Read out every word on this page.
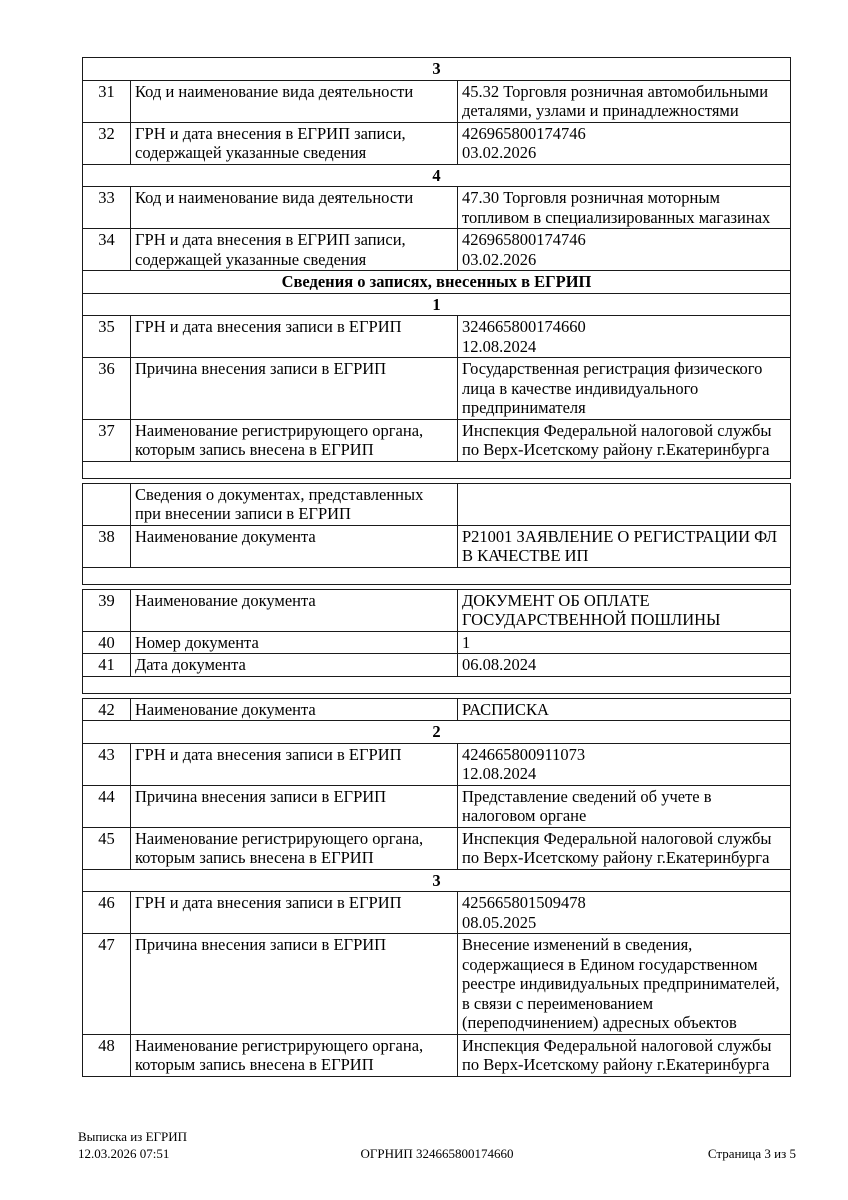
3		
31	Код и наименование вида деятельности	45.32 Торговля розничная автомобильными деталями, узлами и принадлежностями
32	ГРН и дата внесения в ЕГРИП записи, содержащей указанные сведения	426965800174746
03.02.2026
4		
33	Код и наименование вида деятельности	47.30 Торговля розничная моторным топливом в специализированных магазинах
34	ГРН и дата внесения в ЕГРИП записи, содержащей указанные сведения	426965800174746
03.02.2026
Сведения о записях, внесенных в ЕГРИП		
1		
35	ГРН и дата внесения записи в ЕГРИП	324665800174660
12.08.2024
36	Причина внесения записи в ЕГРИП	Государственная регистрация физического лица в качестве индивидуального предпринимателя
37	Наименование регистрирующего органа, которым запись внесена в ЕГРИП	Инспекция Федеральной налоговой службы по Верх-Исетскому району г.Екатеринбурга

	Сведения о документах, представленных при внесении записи в ЕГРИП	
38	Наименование документа	Р21001 ЗАЯВЛЕНИЕ О РЕГИСТРАЦИИ ФЛ В КАЧЕСТВЕ ИП

39	Наименование документа	ДОКУМЕНТ ОБ ОПЛАТЕ ГОСУДАРСТВЕННОЙ ПОШЛИНЫ
40	Номер документа	1
41	Дата документа	06.08.2024

42	Наименование документа	РАСПИСКА
2		
43	ГРН и дата внесения записи в ЕГРИП	424665800911073
12.08.2024
44	Причина внесения записи в ЕГРИП	Представление сведений об учете в налоговом органе
45	Наименование регистрирующего органа, которым запись внесена в ЕГРИП	Инспекция Федеральной налоговой службы по Верх-Исетскому району г.Екатеринбурга
3		
46	ГРН и дата внесения записи в ЕГРИП	425665801509478
08.05.2025
47	Причина внесения записи в ЕГРИП	Внесение изменений в сведения, содержащиеся в Едином государственном реестре индивидуальных предпринимателей, в связи с переименованием (переподчинением) адресных объектов
48	Наименование регистрирующего органа, которым запись внесена в ЕГРИП	Инспекция Федеральной налоговой службы по Верх-Исетскому району г.Екатеринбурга
Выписка из ЕГРИП
12.03.2026 07:51	ОГРНИП 324665800174660	Страница 3 из 5
